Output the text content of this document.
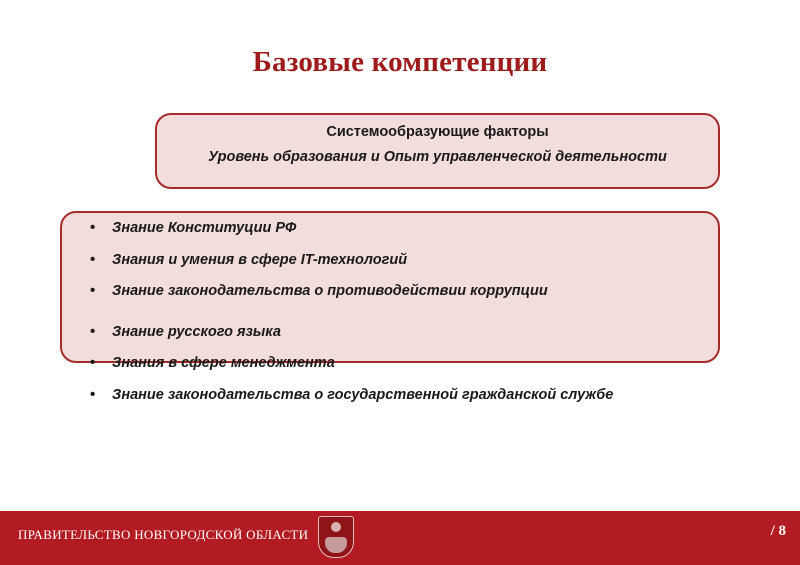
Базовые компетенции
Системообразующие факторы
Уровень образования и Опыт управленческой деятельности
• Знание Конституции РФ
• Знания и умения в сфере IT-технологий
• Знание законодательства о противодействии коррупции
• Знание русского языка
• Знания в сфере менеджмента
• Знание законодательства о государственной гражданской службе
ПРАВИТЕЛЬСТВО НОВГОРОДСКОЙ ОБЛАСТИ	/ 8
